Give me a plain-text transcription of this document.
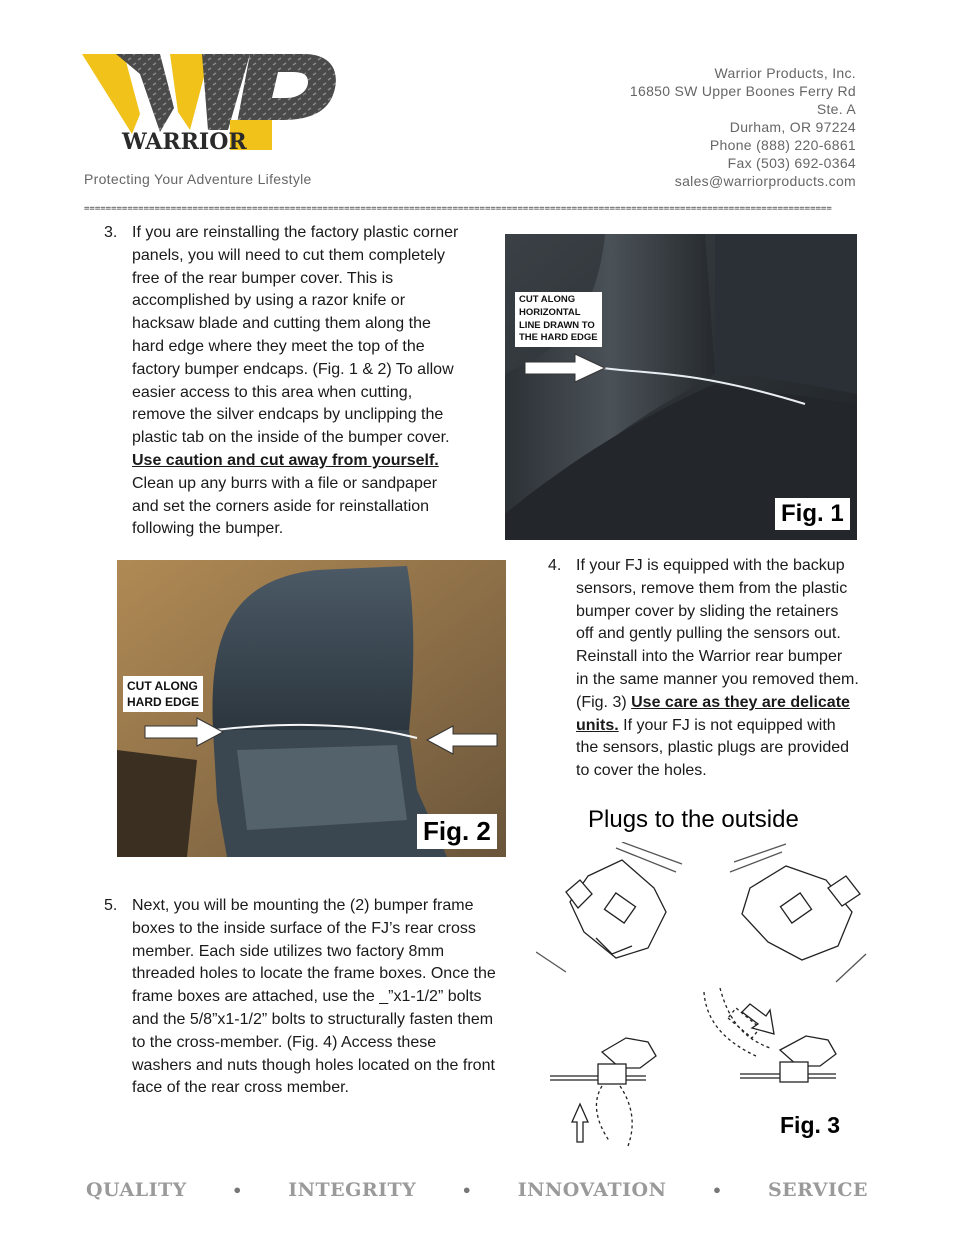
WARRIOR
Protecting Your Adventure Lifestyle
Warrior Products, Inc.
16850 SW Upper Boones Ferry Rd
Ste. A
Durham, OR 97224
Phone (888) 220-6861
Fax (503) 692-0364
sales@warriorproducts.com
==========================================================================================================================================
3. If you are reinstalling the factory plastic corner
panels, you will need to cut them completely
free of the rear bumper cover. This is
accomplished by using a razor knife or
hacksaw blade and cutting them along the
hard edge where they meet the top of the
factory bumper endcaps. (Fig. 1 & 2) To allow
easier access to this area when cutting,
remove the silver endcaps by unclipping the
plastic tab on the inside of the bumper cover.
Use caution and cut away from yourself.
Clean up any burrs with a file or sandpaper
and set the corners aside for reinstallation
following the bumper.
CUT ALONG
HORIZONTAL
LINE DRAWN TO
THE HARD EDGE
Fig. 1
CUT ALONG
HARD EDGE
Fig. 2
4. If your FJ is equipped with the backup
sensors, remove them from the plastic
bumper cover by sliding the retainers
off and gently pulling the sensors out.
Reinstall into the Warrior rear bumper
in the same manner you removed them.
(Fig. 3) Use care as they are delicate
units. If your FJ is not equipped with
the sensors, plastic plugs are provided
to cover the holes.
Plugs to the outside
Fig. 3
5. Next, you will be mounting the (2) bumper frame
boxes to the inside surface of the FJ’s rear cross
member. Each side utilizes two factory 8mm
threaded holes to locate the frame boxes. Once the
frame boxes are attached, use the _”x1-1/2” bolts
and the 5/8”x1-1/2” bolts to structurally fasten them
to the cross-member. (Fig. 4) Access these
washers and nuts though holes located on the front
face of the rear cross member.
QUALITY	• INTEGRITY	• INNOVATION	• SERVICE
